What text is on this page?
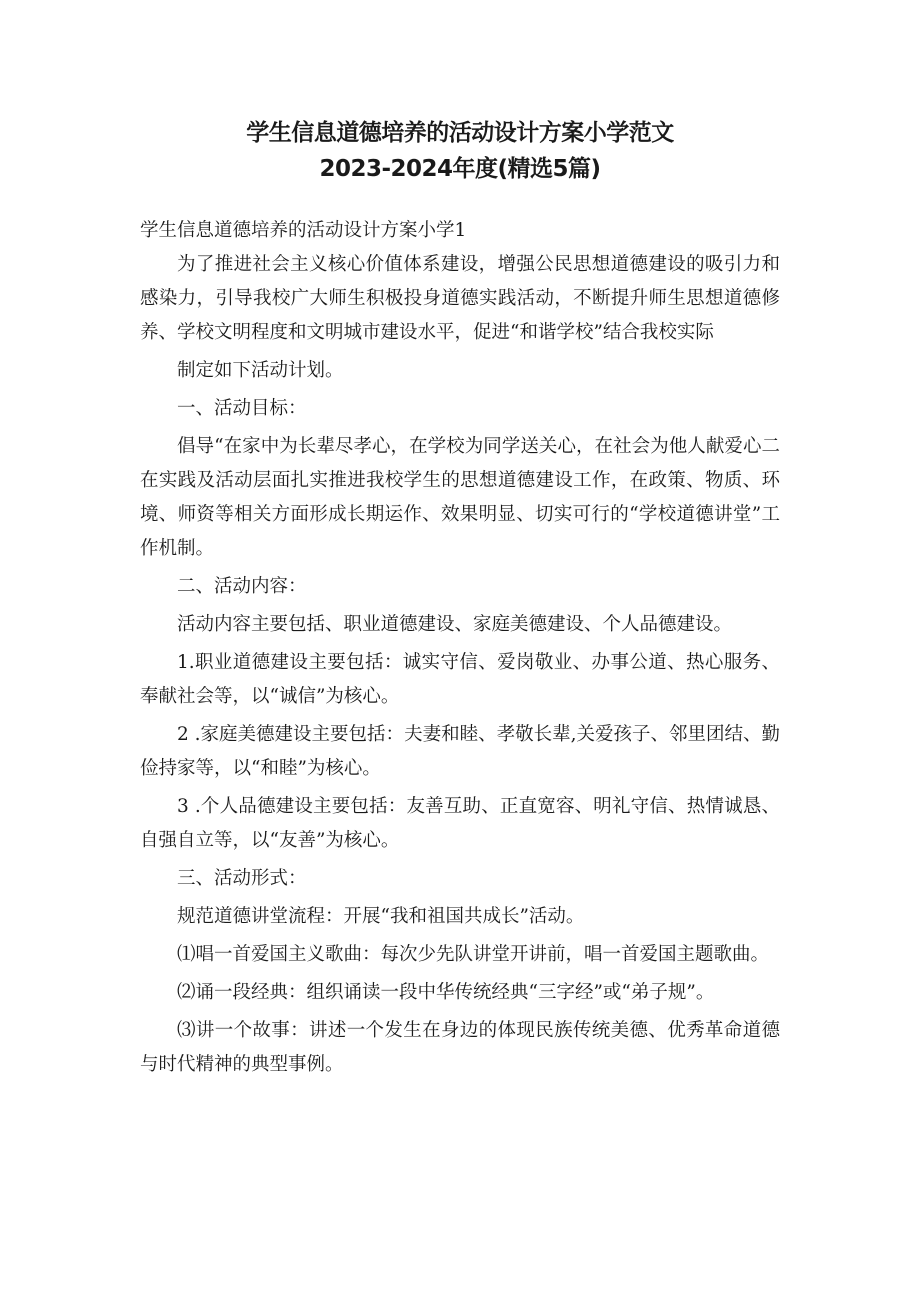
学生信息道德培养的活动设计方案小学范文
2023-2024年度(精选5篇)

学生信息道德培养的活动设计方案小学1

为了推进社会主义核心价值体系建设，增强公民思想道德建设的吸引力和感染力，引导我校广大师生积极投身道德实践活动，不断提升师生思想道德修养、学校文明程度和文明城市建设水平，促进“和谐学校”结合我校实际

制定如下活动计划。

一、活动目标：

倡导“在家中为长辈尽孝心，在学校为同学送关心，在社会为他人献爱心二在实践及活动层面扎实推进我校学生的思想道德建设工作，在政策、物质、环境、师资等相关方面形成长期运作、效果明显、切实可行的“学校道德讲堂”工作机制。

二、活动内容：

活动内容主要包括、职业道德建设、家庭美德建设、个人品德建设。

1.职业道德建设主要包括：诚实守信、爱岗敬业、办事公道、热心服务、奉献社会等，以“诚信”为核心。

2 .家庭美德建设主要包括：夫妻和睦、孝敬长辈,关爱孩子、邻里团结、勤俭持家等，以“和睦”为核心。

3 .个人品德建设主要包括：友善互助、正直宽容、明礼守信、热情诚恳、自强自立等，以“友善”为核心。

三、活动形式：

规范道德讲堂流程：开展“我和祖国共成长”活动。

⑴唱一首爱国主义歌曲：每次少先队讲堂开讲前，唱一首爱国主题歌曲。

⑵诵一段经典：组织诵读一段中华传统经典“三字经”或“弟子规”。

⑶讲一个故事：讲述一个发生在身边的体现民族传统美德、优秀革命道德与时代精神的典型事例。
